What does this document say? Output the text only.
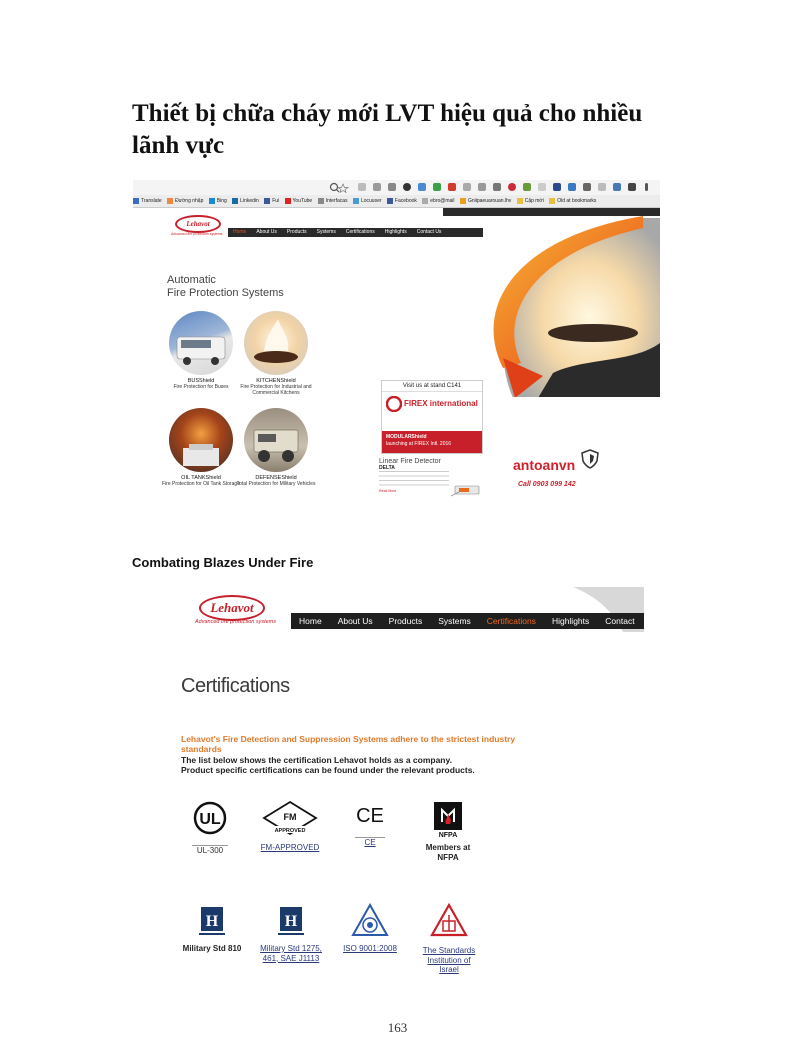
Thiết bị chữa cháy mới LVT hiệu quả cho nhiều lãnh vực
Translate	Đường nhập	Bing	Linkedin	Fui	YouTube	Interfacas	Locuuser	Facebook	ebro@mail	Gniipaeuarouan.lhv	Cập mới	Old at bookmarks
Lehavot
Advanced fire protection systems	Home About Us Products Systems Certifications Highlights Contact Us
Automatic
Fire Protection Systems
BUSShield
Fire Protection for Buses
KITCHENShield
Fire Protection for Industrial and Commercial Kitchens
OIL TANKShield
Fire Protection for Oil Tank Storage
DEFENSEShield
Total Protection for Military Vehicles
Visit us at stand C141
FIREX international
MODULARShield
launching at FIREX Intl. 2016
Linear Fire Detector
DELTA
Read More
antoanvn
Call 0903 099 142
Combating Blazes Under Fire
Lehavot
Advanced fire protection systems	Home About Us Products Systems Certifications Highlights Contact
Certifications
Lehavot's Fire Detection and Suppression Systems adhere to the strictest industry standards
The list below shows the certification Lehavot holds as a company.
Product specific certifications can be found under the relevant products.
UL
UL-300
FM
APPROVED
FM-APPROVED
CE
CE
NFPA
Members at NFPA
H
Military Std 810
H
Military Std 1275, 461, SAE J1113
ISO 9001:2008	The Standards Institution of Israel
163
